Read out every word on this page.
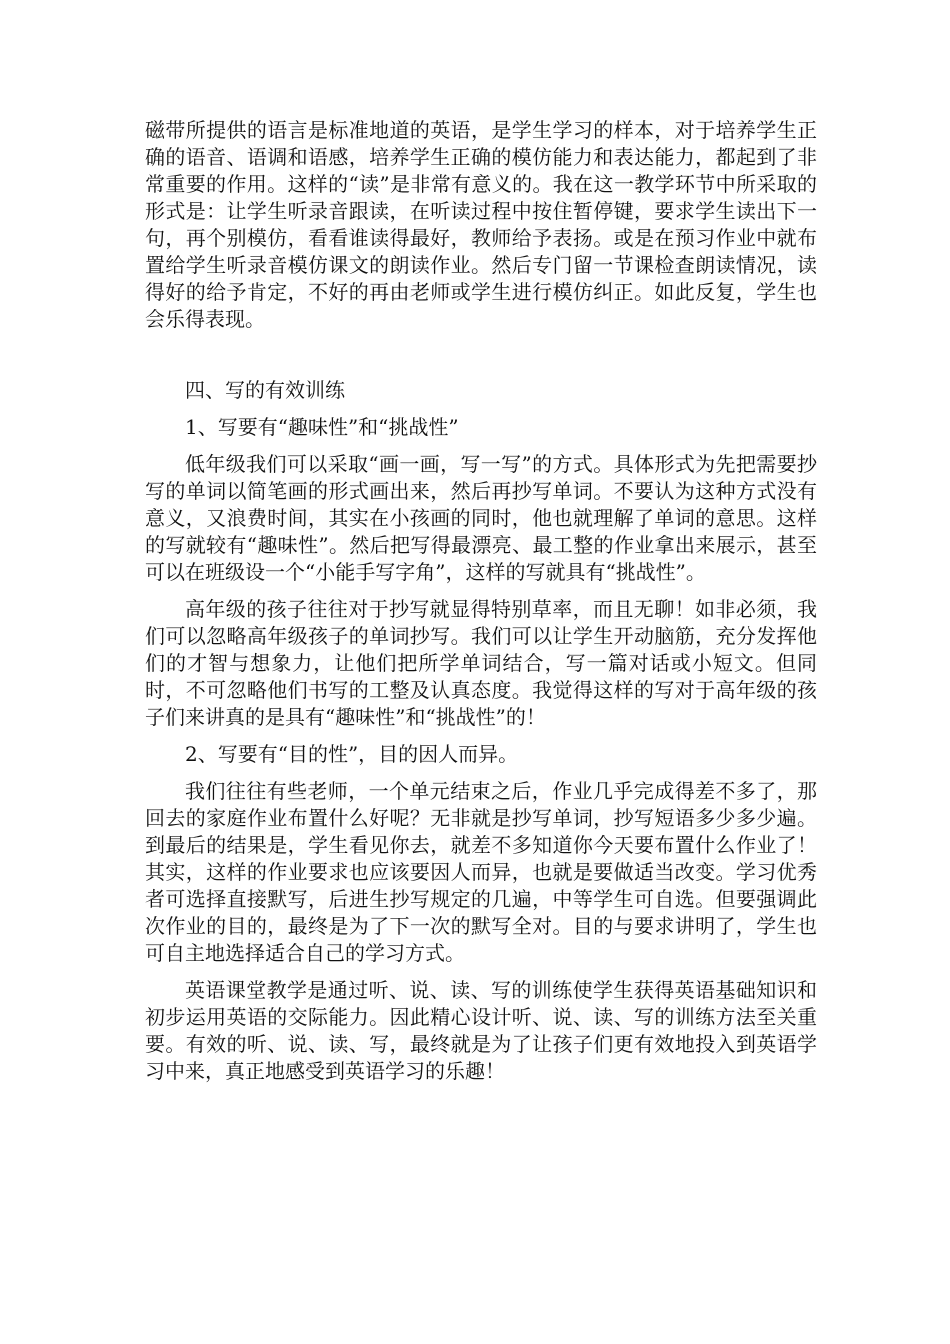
磁带所提供的语言是标准地道的英语，是学生学习的样本，对于培养学生正确的语音、语调和语感，培养学生正确的模仿能力和表达能力，都起到了非常重要的作用。这样的“读”是非常有意义的。我在这一教学环节中所采取的形式是：让学生听录音跟读，在听读过程中按住暂停键，要求学生读出下一句，再个别模仿，看看谁读得最好，教师给予表扬。或是在预习作业中就布置给学生听录音模仿课文的朗读作业。然后专门留一节课检查朗读情况，读得好的给予肯定，不好的再由老师或学生进行模仿纠正。如此反复，学生也会乐得表现。

四、写的有效训练

1、写要有“趣味性”和“挑战性”

低年级我们可以采取“画一画，写一写”的方式。具体形式为先把需要抄写的单词以简笔画的形式画出来，然后再抄写单词。不要认为这种方式没有意义，又浪费时间，其实在小孩画的同时，他也就理解了单词的意思。这样的写就较有“趣味性”。然后把写得最漂亮、最工整的作业拿出来展示，甚至可以在班级设一个“小能手写字角”，这样的写就具有“挑战性”。

高年级的孩子往往对于抄写就显得特别草率，而且无聊！如非必须，我们可以忽略高年级孩子的单词抄写。我们可以让学生开动脑筋，充分发挥他们的才智与想象力，让他们把所学单词结合，写一篇对话或小短文。但同时，不可忽略他们书写的工整及认真态度。我觉得这样的写对于高年级的孩子们来讲真的是具有“趣味性”和“挑战性”的！

2、写要有“目的性”，目的因人而异。

我们往往有些老师，一个单元结束之后，作业几乎完成得差不多了，那回去的家庭作业布置什么好呢？无非就是抄写单词，抄写短语多少多少遍。到最后的结果是，学生看见你去，就差不多知道你今天要布置什么作业了！其实，这样的作业要求也应该要因人而异，也就是要做适当改变。学习优秀者可选择直接默写，后进生抄写规定的几遍，中等学生可自选。但要强调此次作业的目的，最终是为了下一次的默写全对。目的与要求讲明了，学生也可自主地选择适合自己的学习方式。

英语课堂教学是通过听、说、读、写的训练使学生获得英语基础知识和初步运用英语的交际能力。因此精心设计听、说、读、写的训练方法至关重要。有效的听、说、读、写，最终就是为了让孩子们更有效地投入到英语学习中来，真正地感受到英语学习的乐趣！
